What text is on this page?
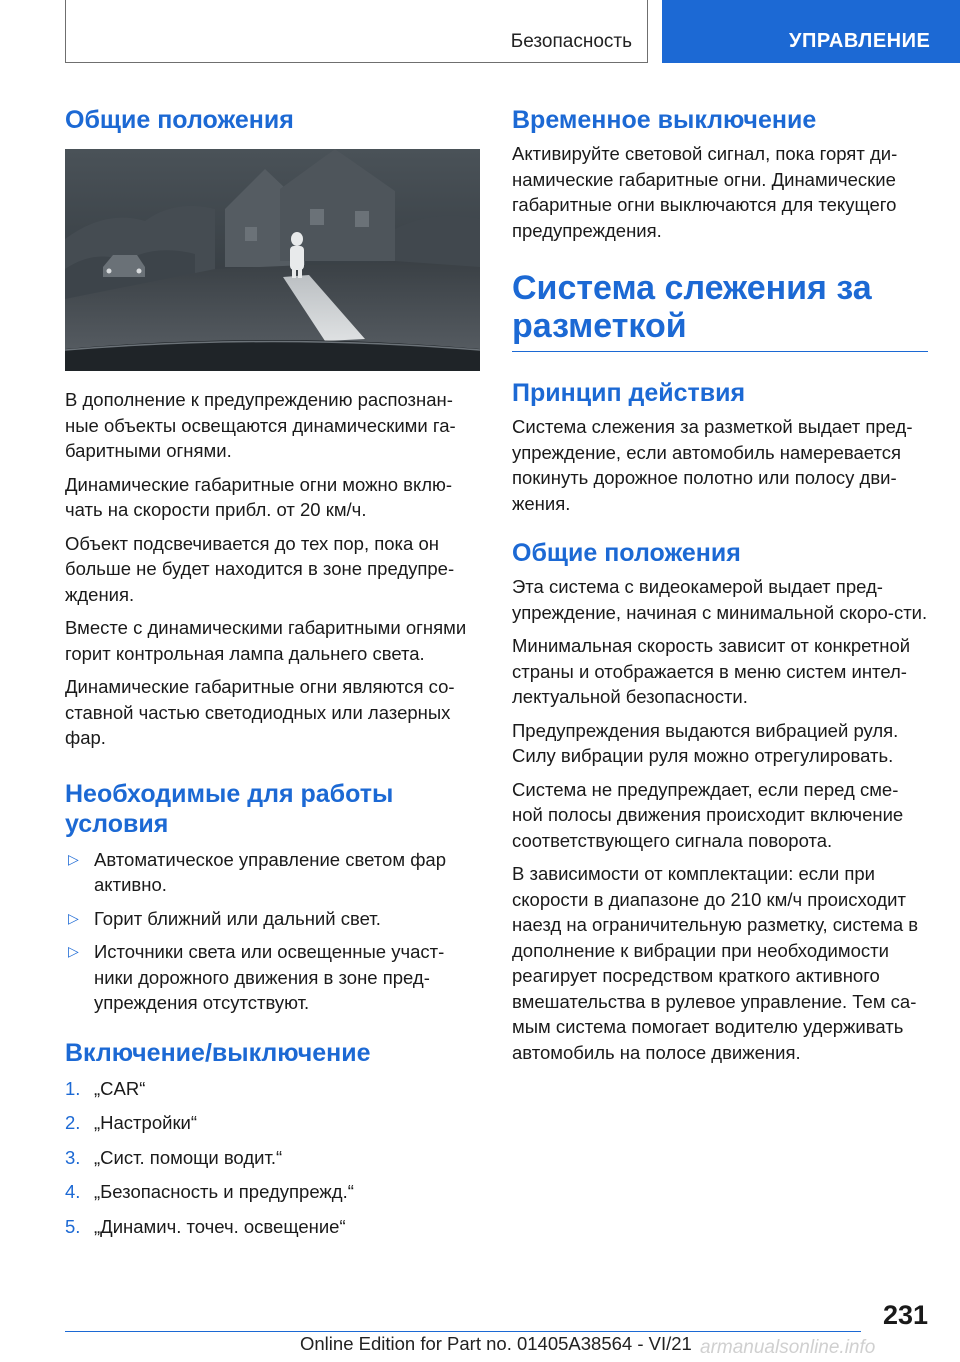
Безопасность	УПРАВЛЕНИЕ
Общие положения

В дополнение к предупреждению распознан-ные объекты освещаются динамическими га-баритными огнями.

Динамические габаритные огни можно вклю-чать на скорости прибл. от 20 км/ч.

Объект подсвечивается до тех пор, пока он больше не будет находится в зоне предупре-ждения.

Вместе с динамическими габаритными огнями горит контрольная лампа дальнего света.

Динамические габаритные огни являются со-ставной частью светодиодных или лазерных фар.

Необходимые для работы условия
▷ Автоматическое управление светом фар активно.
▷ Горит ближний или дальний свет.
▷ Источники света или освещенные участ-ники дорожного движения в зоне пред-упреждения отсутствуют.
Включение/выключение
1. „CAR“
2. „Настройки“
3. „Сист. помощи водит.“
4. „Безопасность и предупрежд.“
5. „Динамич. точеч. освещение“
Временное выключение

Активируйте световой сигнал, пока горят ди-намические габаритные огни. Динамические габаритные огни выключаются для текущего предупреждения.

Система слежения за разметкой
Принцип действия

Система слежения за разметкой выдает пред-упреждение, если автомобиль намеревается покинуть дорожное полотно или полосу дви-жения.

Общие положения

Эта система с видеокамерой выдает пред-упреждение, начиная с минимальной скоро-сти.

Минимальная скорость зависит от конкретной страны и отображается в меню систем интел-лектуальной безопасности.

Предупреждения выдаются вибрацией руля. Силу вибрации руля можно отрегулировать.

Система не предупреждает, если перед сме-ной полосы движения происходит включение соответствующего сигнала поворота.

В зависимости от комплектации: если при скорости в диапазоне до 210 км/ч происходит наезд на ограничительную разметку, система в дополнение к вибрации при необходимости реагирует посредством краткого активного вмешательства в рулевое управление. Тем са-мым система помогает водителю удерживать автомобиль на полосе движения.

231
Online Edition for Part no. 01405A38564 - VI/21 armanualsonline.info
